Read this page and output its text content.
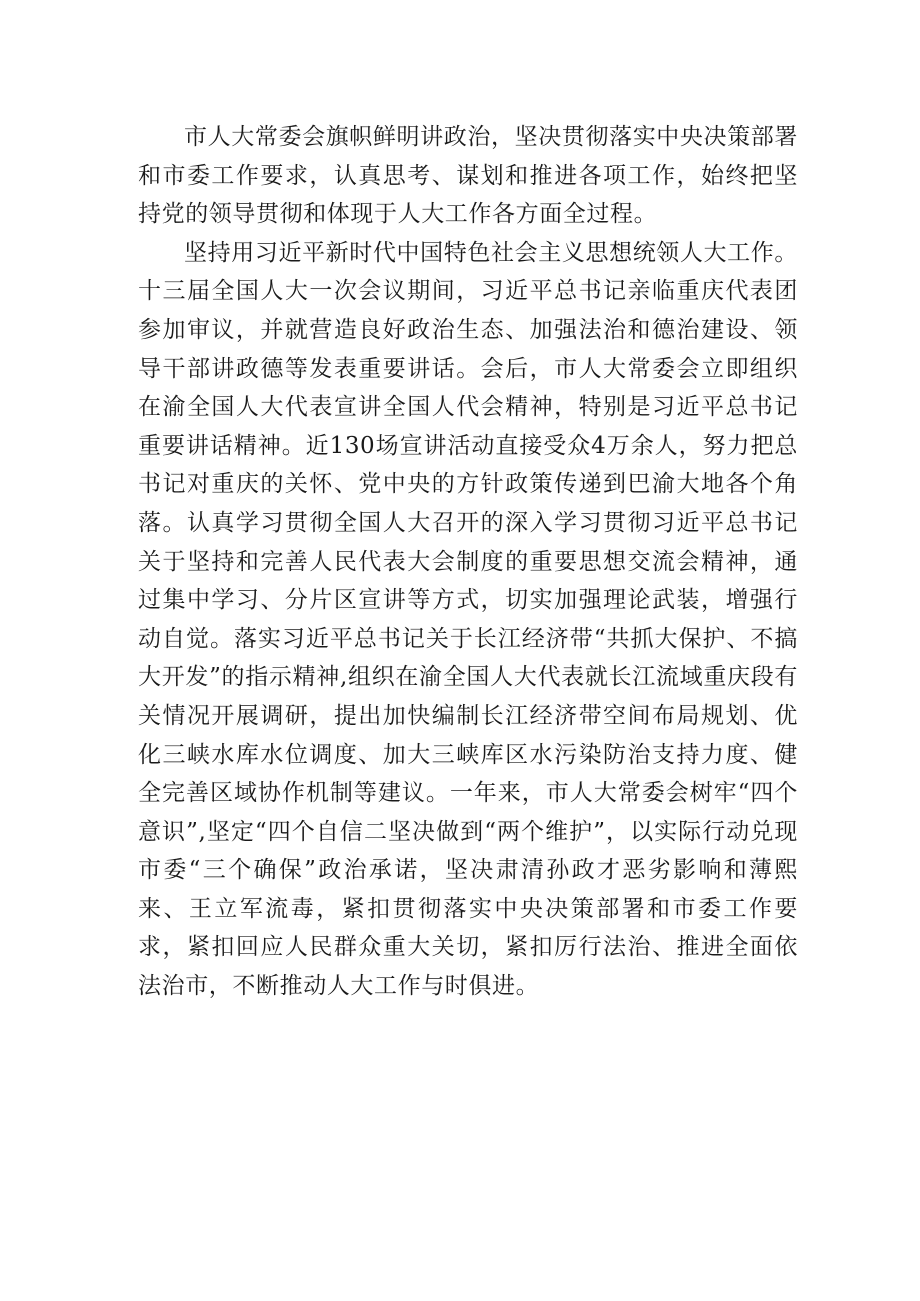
市人大常委会旗帜鲜明讲政治，坚决贯彻落实中央决策部署和市委工作要求，认真思考、谋划和推进各项工作，始终把坚持党的领导贯彻和体现于人大工作各方面全过程。

坚持用习近平新时代中国特色社会主义思想统领人大工作。十三届全国人大一次会议期间，习近平总书记亲临重庆代表团参加审议，并就营造良好政治生态、加强法治和德治建设、领导干部讲政德等发表重要讲话。会后，市人大常委会立即组织在渝全国人大代表宣讲全国人代会精神，特别是习近平总书记重要讲话精神。近130场宣讲活动直接受众4万余人，努力把总书记对重庆的关怀、党中央的方针政策传递到巴渝大地各个角落。认真学习贯彻全国人大召开的深入学习贯彻习近平总书记关于坚持和完善人民代表大会制度的重要思想交流会精神，通过集中学习、分片区宣讲等方式，切实加强理论武装，增强行动自觉。落实习近平总书记关于长江经济带“共抓大保护、不搞大开发”的指示精神,组织在渝全国人大代表就长江流域重庆段有关情况开展调研，提出加快编制长江经济带空间布局规划、优化三峡水库水位调度、加大三峡库区水污染防治支持力度、健全完善区域协作机制等建议。一年来，市人大常委会树牢“四个意识”,坚定“四个自信二坚决做到“两个维护”，以实际行动兑现市委“三个确保”政治承诺，坚决肃清孙政才恶劣影响和薄熙来、王立军流毒，紧扣贯彻落实中央决策部署和市委工作要求，紧扣回应人民群众重大关切，紧扣厉行法治、推进全面依法治市，不断推动人大工作与时俱进。
